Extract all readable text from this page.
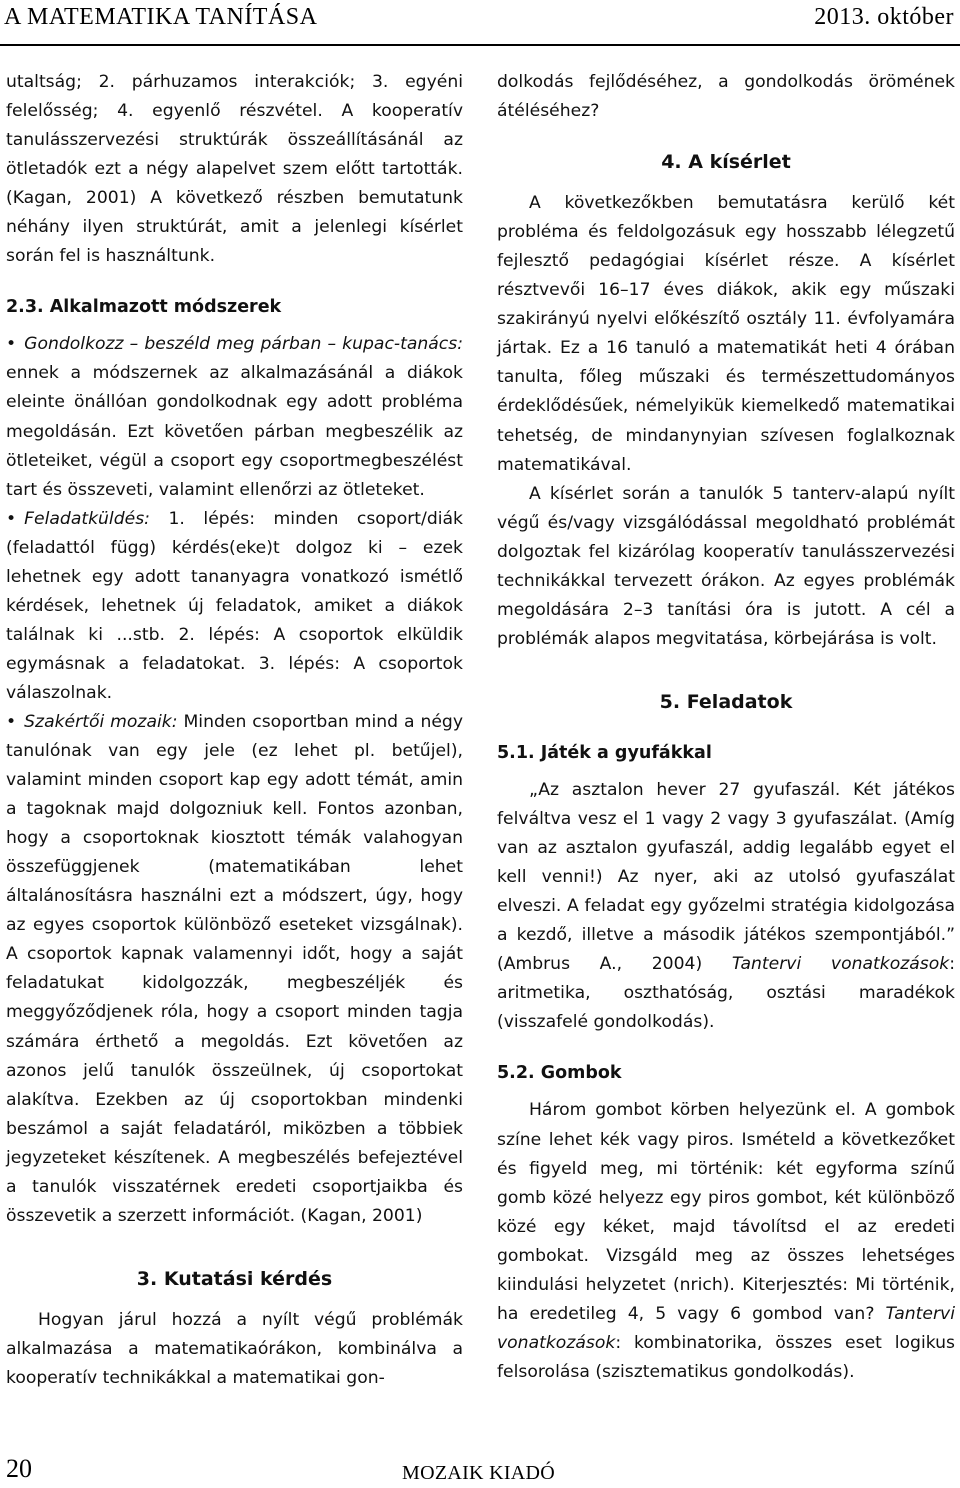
A MATEMATIKA TANÍTÁSA	2013. október

utaltság; 2. párhuzamos interakciók; 3. egyéni felelősség; 4. egyenlő részvétel. A kooperatív tanulásszervezési struktúrák összeállításánál az ötletadók ezt a négy alapelvet szem előtt tartották. (Kagan, 2001) A következő részben bemutatunk néhány ilyen struktúrát, amit a jelenlegi kísérlet során fel is használtunk.

2.3. Alkalmazott módszerek

• Gondolkozz – beszéld meg párban – kupac-tanács: ennek a módszernek az alkalmazásánál a diákok eleinte önállóan gondolkodnak egy adott probléma megoldásán. Ezt követően párban megbeszélik az ötleteiket, végül a csoport egy csoportmegbeszélést tart és összeveti, valamint ellenőrzi az ötleteket.

• Feladatküldés: 1. lépés: minden csoport/diák (feladattól függ) kérdés(eke)t dolgoz ki – ezek lehetnek egy adott tananyagra vonatkozó ismétlő kérdések, lehetnek új feladatok, amiket a diákok találnak ki ...stb. 2. lépés: A csoportok elküldik egymásnak a feladatokat. 3. lépés: A csoportok válaszolnak.

• Szakértői mozaik: Minden csoportban mind a négy tanulónak van egy jele (ez lehet pl. betűjel), valamint minden csoport kap egy adott témát, amin a tagoknak majd dolgozniuk kell. Fontos azonban, hogy a csoportoknak kiosztott témák valahogyan összefüggjenek (matematikában lehet általánosításra használni ezt a módszert, úgy, hogy az egyes csoportok különböző eseteket vizsgálnak). A csoportok kapnak valamennyi időt, hogy a saját feladatukat kidolgozzák, megbeszéljék és meggyőződjenek róla, hogy a csoport minden tagja számára érthető a megoldás. Ezt követően az azonos jelű tanulók összeülnek, új csoportokat alakítva. Ezekben az új csoportokban mindenki beszámol a saját feladatáról, miközben a többiek jegyzeteket készítenek. A megbeszélés befejeztével a tanulók visszatérnek eredeti csoportjaikba és összevetik a szerzett információt. (Kagan, 2001)

3. Kutatási kérdés

Hogyan járul hozzá a nyílt végű problémák alkalmazása a matematikaórákon, kombinálva a kooperatív technikákkal a matematikai gon-

dolkodás fejlődéséhez, a gondolkodás örömének átéléséhez?

4. A kísérlet

A következőkben bemutatásra kerülő két probléma és feldolgozásuk egy hosszabb lélegzetű fejlesztő pedagógiai kísérlet része. A kísérlet résztvevői 16–17 éves diákok, akik egy műszaki szakirányú nyelvi előkészítő osztály 11. évfolyamára jártak. Ez a 16 tanuló a matematikát heti 4 órában tanulta, főleg műszaki és természettudományos érdeklődésűek, némelyikük kiemelkedő matematikai tehetség, de mindanynyian szívesen foglalkoznak matematikával.

A kísérlet során a tanulók 5 tanterv-alapú nyílt végű és/vagy vizsgálódással megoldható problémát dolgoztak fel kizárólag kooperatív tanulásszervezési technikákkal tervezett órákon. Az egyes problémák megoldására 2–3 tanítási óra is jutott. A cél a problémák alapos megvitatása, körbejárása is volt.

5. Feladatok
5.1. Játék a gyufákkal

„Az asztalon hever 27 gyufaszál. Két játékos felváltva vesz el 1 vagy 2 vagy 3 gyufaszálat. (Amíg van az asztalon gyufaszál, addig legalább egyet el kell venni!) Az nyer, aki az utolsó gyufaszálat elveszi. A feladat egy győzelmi stratégia kidolgozása a kezdő, illetve a második játékos szempontjából.” (Ambrus A., 2004) Tantervi vonatkozások: aritmetika, oszthatóság, osztási maradékok (visszafelé gondolkodás).

5.2. Gombok

Három gombot körben helyezünk el. A gombok színe lehet kék vagy piros. Ismételd a következőket és figyeld meg, mi történik: két egyforma színű gomb közé helyezz egy piros gombot, két különböző közé egy kéket, majd távolítsd el az eredeti gombokat. Vizsgáld meg az összes lehetséges kiindulási helyzetet (nrich). Kiterjesztés: Mi történik, ha eredetileg 4, 5 vagy 6 gombod van? Tantervi vonatkozások: kombinatorika, összes eset logikus felsorolása (szisztematikus gondolkodás).

20	MOZAIK KIADÓ
